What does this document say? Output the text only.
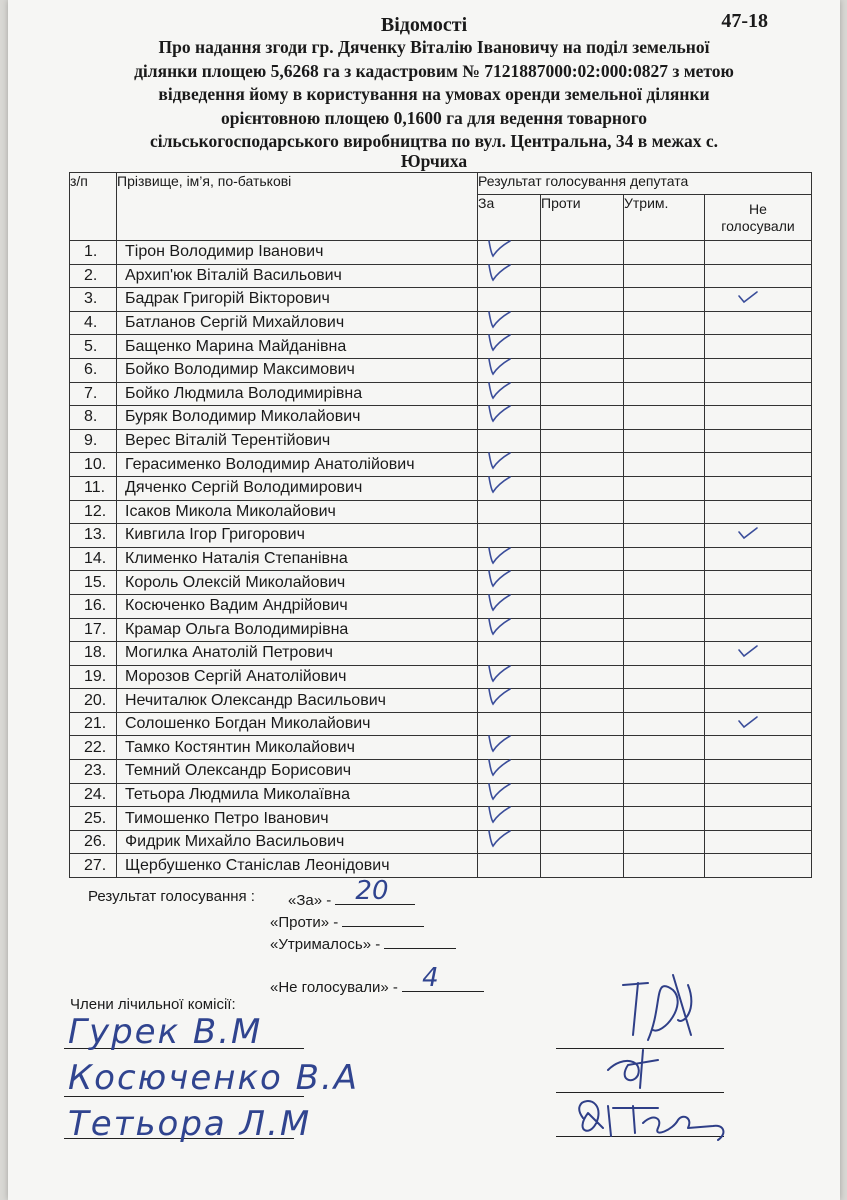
Відомості	47-18
Про надання згоди гр. Дяченку Віталію Івановичу на поділ земельної
ділянки площею 5,6268 га з кадастровим № 7121887000:02:000:0827 з метою
відведення йому в користування на умовах оренди земельної ділянки
орієнтовною площею 0,1600 га для ведення товарного
сільськогосподарського виробництва по вул. Центральна, 34 в межах с.
Юрчиха
з/п	Прізвище, ім’я, по-батькові	Результат голосування депутата			
		За	Проти	Утрим.	Не
голосували

1.	Тірон Володимир Іванович	

2.	Архип'юк Віталій Васильович	

3.	Бадрак Григорій Вікторович				

4.	Батланов Сергій Михайлович	

5.	Бащенко Марина Майданівна	

6.	Бойко Володимир Максимович	

7.	Бойко Людмила Володимирівна	

8.	Буряк Володимир Миколайович	

9.	Верес Віталій Терентійович				
10.	Герасименко Володимир Анатолійович	

11.	Дяченко Сергій Володимирович	

12.	Ісаков Микола Миколайович				
13.	Кивгила Ігор Григорович				

14.	Клименко Наталія Степанівна	

15.	Король Олексій Миколайович	

16.	Косюченко Вадим Андрійович	

17.	Крамар Ольга Володимирівна	

18.	Могилка Анатолій Петрович				

19.	Морозов Сергій Анатолійович	

20.	Нечиталюк Олександр Васильович	

21.	Солошенко Богдан Миколайович				

22.	Тамко Костянтин Миколайович	

23.	Темний Олександр Борисович	

24.	Тетьора Людмила Миколаївна	

25.	Тимошенко Петро Іванович	

26.	Фидрик Михайло Васильович	

27.	Щербушенко Станіслав Леонідович				
Результат голосування : «За» - 20
«Проти» -
«Утрималось» -
«Не голосували» - 4
Члени лічильної комісії:
Гурек В.М
Косюченко В.А
Тетьора Л.М
